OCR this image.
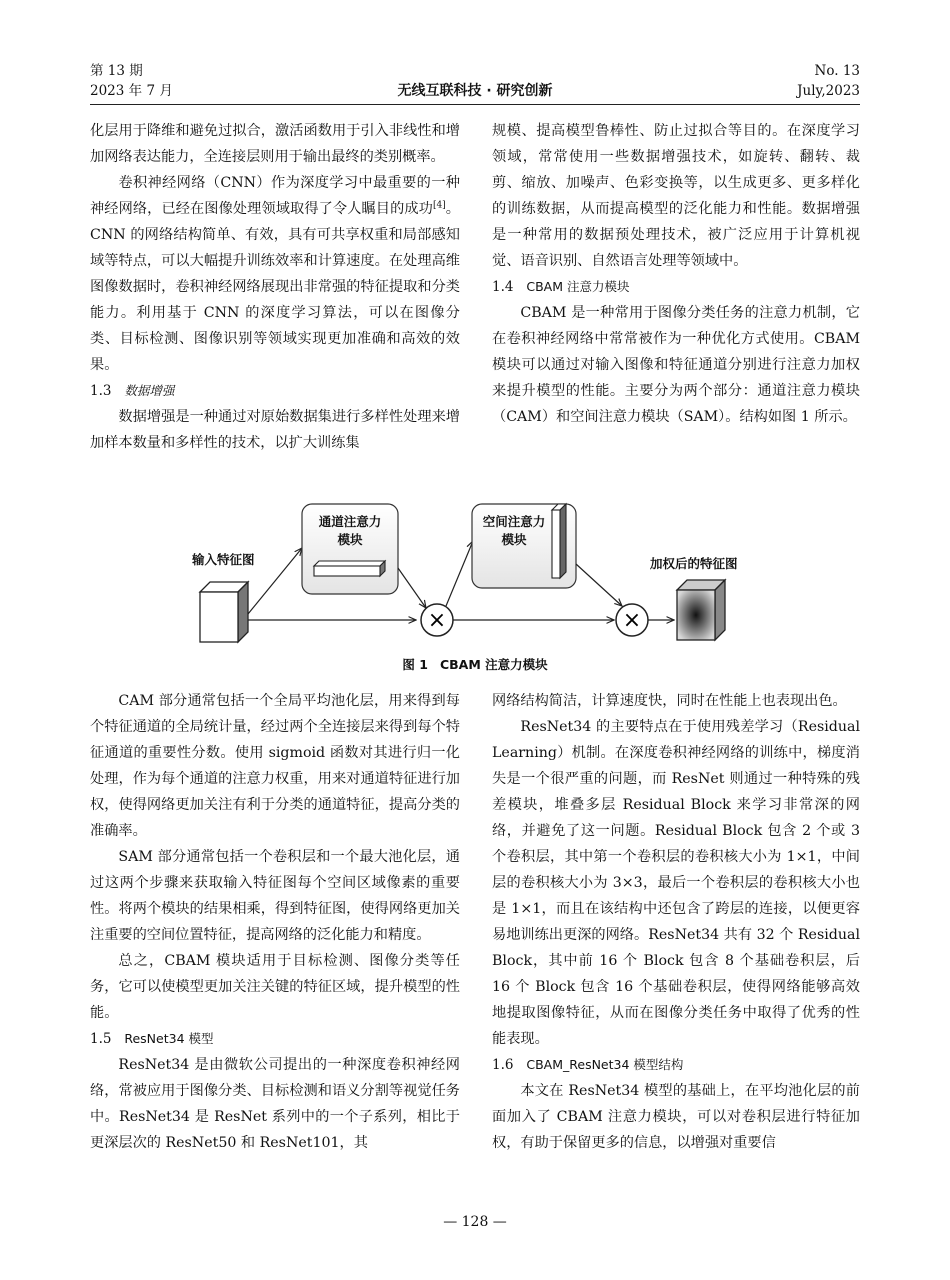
第 13 期
2023 年 7 月	无线互联科技 · 研究创新
No. 13
July,2023

化层用于降维和避免过拟合，激活函数用于引入非线性和增加网络表达能力，全连接层则用于输出最终的类别概率。

卷积神经网络（CNN）作为深度学习中最重要的一种神经网络，已经在图像处理领域取得了令人瞩目的成功[4]。CNN 的网络结构简单、有效，具有可共享权重和局部感知域等特点，可以大幅提升训练效率和计算速度。在处理高维图像数据时，卷积神经网络展现出非常强的特征提取和分类能力。利用基于 CNN 的深度学习算法，可以在图像分类、目标检测、图像识别等领域实现更加准确和高效的效果。

1.3 数据增强

数据增强是一种通过对原始数据集进行多样性处理来增加样本数量和多样性的技术，以扩大训练集

规模、提高模型鲁棒性、防止过拟合等目的。在深度学习领域，常常使用一些数据增强技术，如旋转、翻转、裁剪、缩放、加噪声、色彩变换等，以生成更多、更多样化的训练数据，从而提高模型的泛化能力和性能。数据增强是一种常用的数据预处理技术，被广泛应用于计算机视觉、语音识别、自然语言处理等领域中。

1.4 CBAM 注意力模块

CBAM 是一种常用于图像分类任务的注意力机制，它在卷积神经网络中常常被作为一种优化方式使用。CBAM 模块可以通过对输入图像和特征通道分别进行注意力加权来提升模型的性能。主要分为两个部分：通道注意力模块（CAM）和空间注意力模块（SAM）。结构如图 1 所示。

输入特征图
通道注意力
模块
×
空间注意力
模块
×
加权后的特征图
图 1 CBAM 注意力模块

CAM 部分通常包括一个全局平均池化层，用来得到每个特征通道的全局统计量，经过两个全连接层来得到每个特征通道的重要性分数。使用 sigmoid 函数对其进行归一化处理，作为每个通道的注意力权重，用来对通道特征进行加权，使得网络更加关注有利于分类的通道特征，提高分类的准确率。

SAM 部分通常包括一个卷积层和一个最大池化层，通过这两个步骤来获取输入特征图每个空间区域像素的重要性。将两个模块的结果相乘，得到特征图，使得网络更加关注重要的空间位置特征，提高网络的泛化能力和精度。

总之，CBAM 模块适用于目标检测、图像分类等任务，它可以使模型更加关注关键的特征区域，提升模型的性能。

1.5 ResNet34 模型

ResNet34 是由微软公司提出的一种深度卷积神经网络，常被应用于图像分类、目标检测和语义分割等视觉任务中。ResNet34 是 ResNet 系列中的一个子系列，相比于更深层次的 ResNet50 和 ResNet101，其

网络结构简洁，计算速度快，同时在性能上也表现出色。

ResNet34 的主要特点在于使用残差学习（Residual Learning）机制。在深度卷积神经网络的训练中，梯度消失是一个很严重的问题，而 ResNet 则通过一种特殊的残差模块，堆叠多层 Residual Block 来学习非常深的网络，并避免了这一问题。Residual Block 包含 2 个或 3 个卷积层，其中第一个卷积层的卷积核大小为 1×1，中间层的卷积核大小为 3×3，最后一个卷积层的卷积核大小也是 1×1，而且在该结构中还包含了跨层的连接，以便更容易地训练出更深的网络。ResNet34 共有 32 个 Residual Block，其中前 16 个 Block 包含 8 个基础卷积层，后 16 个 Block 包含 16 个基础卷积层，使得网络能够高效地提取图像特征，从而在图像分类任务中取得了优秀的性能表现。

1.6 CBAM_ResNet34 模型结构

本文在 ResNet34 模型的基础上，在平均池化层的前面加入了 CBAM 注意力模块，可以对卷积层进行特征加权，有助于保留更多的信息，以增强对重要信

— 128 —
